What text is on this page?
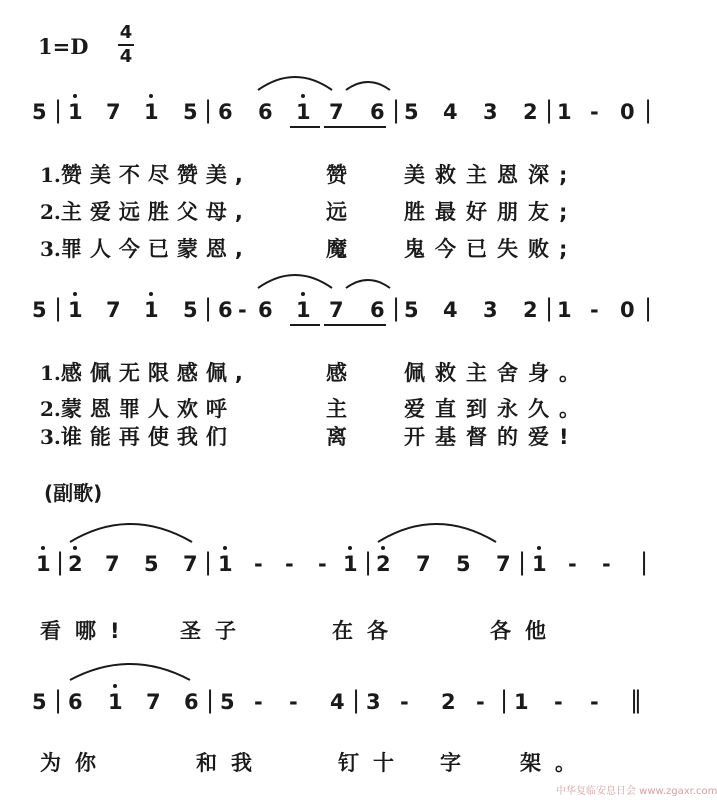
1=D
4
4
5 | 1 7 1 5 | 6 6 1 7 6 | 5 4 3 2 | 1 - 0 |
1.赞美不尽赞美,	赞	美救主恩深;
2.主爱远胜父母,	远	胜最好朋友;
3.罪人今已蒙恩,	魔	鬼今已失败;
5 | 1 7 1 5 | 6 - 6 1 7 6 | 5 4 3 2 | 1 - 0 |
1.感佩无限感佩,	感	佩救主舍身。
2.蒙恩罪人欢呼	主	爱直到永久。
3.谁能再使我们	离	开基督的爱!
(副歌)
1 | 2 7 5 7 | 1 - - - 1 | 2 7 5 7 | 1 - - |
看哪! 圣子	在各	各他
5 | 6 1 7 6 | 5 - - 4 | 3 - 2 - | 1 - - ‖
为你	和我	钉十 字 架。
中华复临安息日会 www.zgaxr.com
